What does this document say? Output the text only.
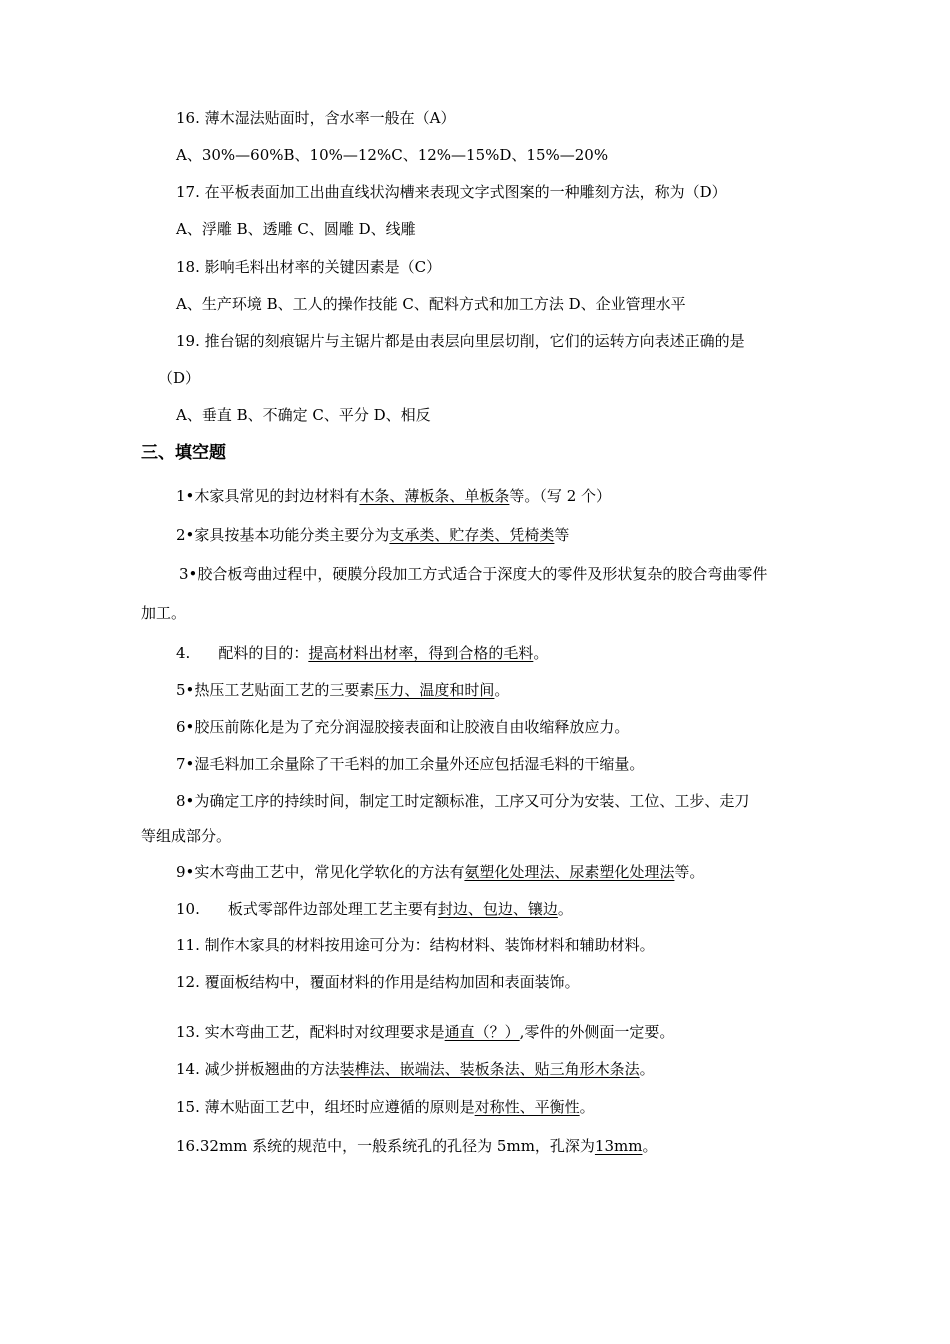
16. 薄木湿法贴面时，含水率一般在（A）
A、30%—60%B、10%—12%C、12%—15%D、15%—20%
17. 在平板表面加工出曲直线状沟槽来表现文字式图案的一种雕刻方法，称为（D）
A、浮雕 B、透雕 C、圆雕 D、线雕
18. 影响毛料出材率的关键因素是（C）
A、生产环境 B、工人的操作技能 C、配料方式和加工方法 D、企业管理水平
19. 推台锯的刻痕锯片与主锯片都是由表层向里层切削，它们的运转方向表述正确的是
（D）
A、垂直 B、不确定 C、平分 D、相反
三、填空题
1•木家具常见的封边材料有木条、薄板条、单板条等。（写 2 个）
2•家具按基本功能分类主要分为支承类、贮存类、凭椅类等
3•胶合板弯曲过程中，硬膜分段加工方式适合于深度大的零件及形状复杂的胶合弯曲零件
加工。
4. 配料的目的：提高材料出材率，得到合格的毛料。
5•热压工艺贴面工艺的三要素压力、温度和时间。
6•胶压前陈化是为了充分润湿胶接表面和让胶液自由收缩释放应力。
7•湿毛料加工余量除了干毛料的加工余量外还应包括湿毛料的干缩量。
8•为确定工序的持续时间，制定工时定额标准，工序又可分为安装、工位、工步、走刀
等组成部分。
9•实木弯曲工艺中，常见化学软化的方法有氨塑化处理法、尿素塑化处理法等。
10. 板式零部件边部处理工艺主要有封边、包边、镶边。
11. 制作木家具的材料按用途可分为：结构材料、装饰材料和辅助材料。
12. 覆面板结构中，覆面材料的作用是结构加固和表面装饰。
13. 实木弯曲工艺，配料时对纹理要求是通直（？）,零件的外侧面一定要。
14. 减少拼板翘曲的方法装榫法、嵌端法、装板条法、贴三角形木条法。
15. 薄木贴面工艺中，组坯时应遵循的原则是对称性、平衡性。
16.32mm 系统的规范中，一般系统孔的孔径为 5mm，孔深为13mm。
